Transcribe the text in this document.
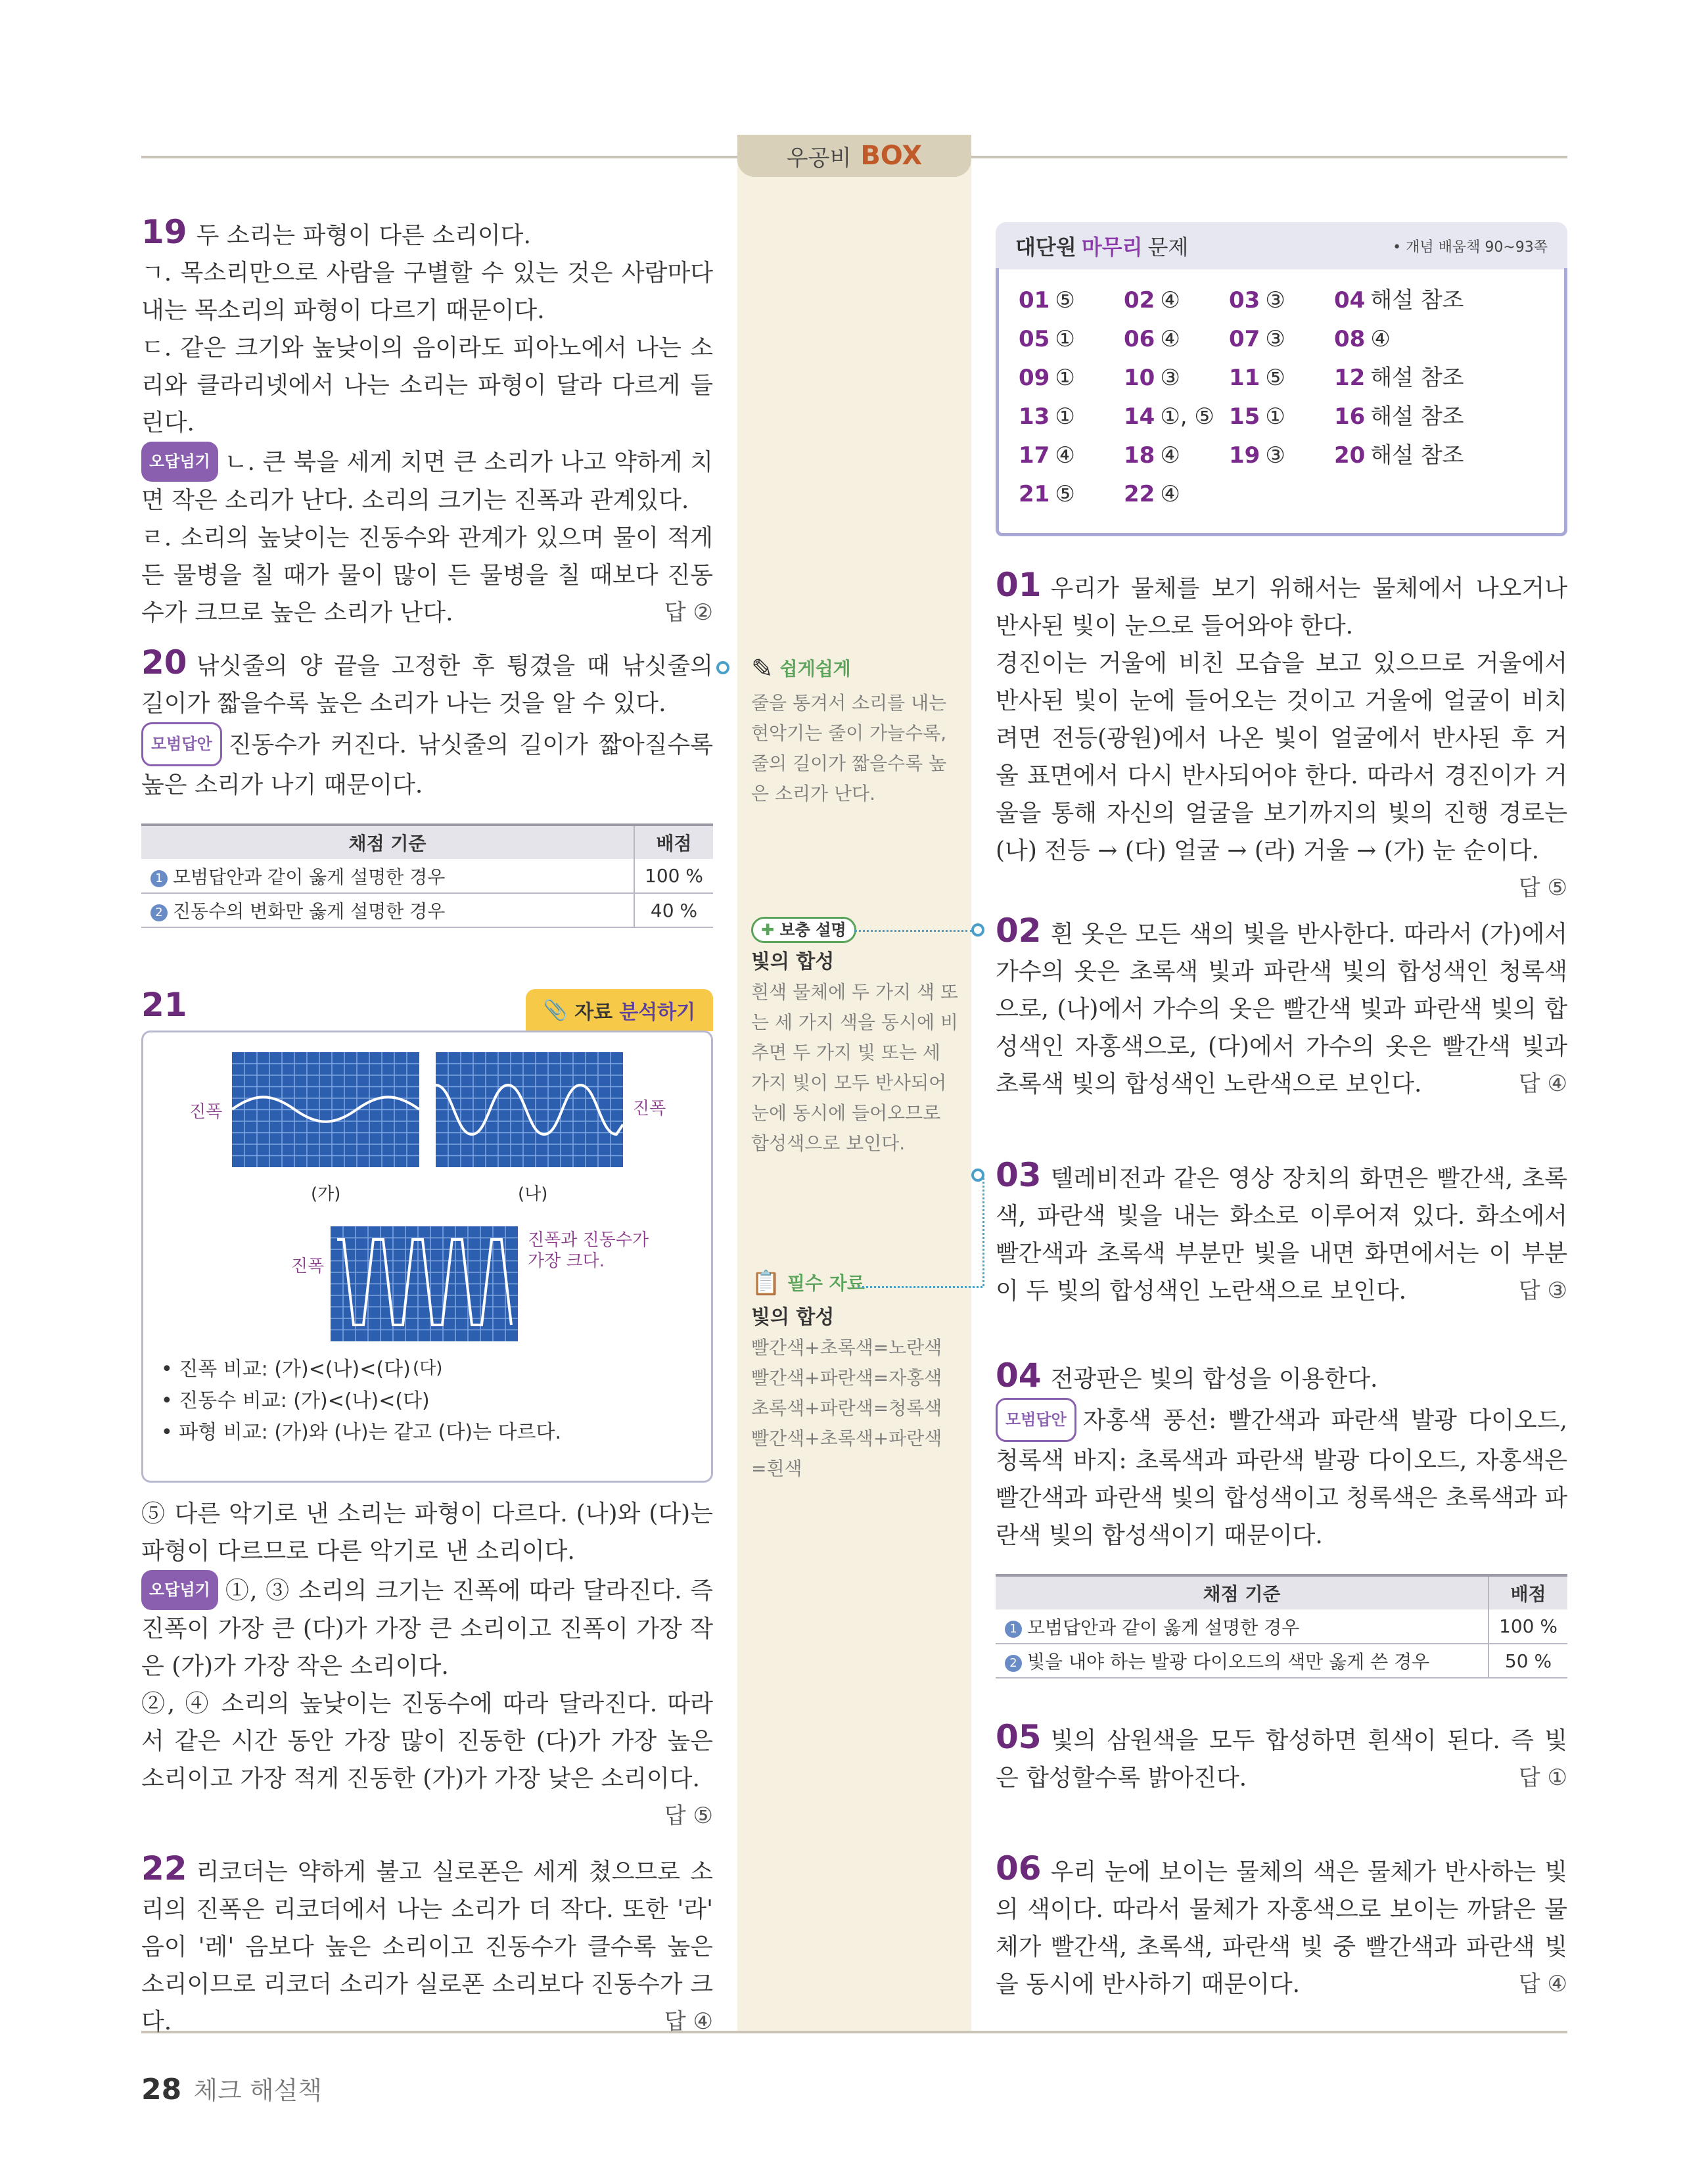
우공비 BOX
19 두 소리는 파형이 다른 소리이다.
ㄱ. 목소리만으로 사람을 구별할 수 있는 것은 사람마다 내는 목소리의 파형이 다르기 때문이다.
ㄷ. 같은 크기와 높낮이의 음이라도 피아노에서 나는 소리와 클라리넷에서 나는 소리는 파형이 달라 다르게 들린다.
오답넘기 ㄴ. 큰 북을 세게 치면 큰 소리가 나고 약하게 치면 작은 소리가 난다. 소리의 크기는 진폭과 관계있다.
ㄹ. 소리의 높낮이는 진동수와 관계가 있으며 물이 적게 든 물병을 칠 때가 물이 많이 든 물병을 칠 때보다 진동수가 크므로 높은 소리가 난다.	답 ②
20 낚싯줄의 양 끝을 고정한 후 튕겼을 때 낚싯줄의 길이가 짧을수록 높은 소리가 나는 것을 알 수 있다.
모범답안 진동수가 커진다. 낚싯줄의 길이가 짧아질수록 높은 소리가 나기 때문이다.
채점 기준	배점
1 모범답안과 같이 옳게 설명한 경우	100 %
2 진동수의 변화만 옳게 설명한 경우	40 %
21	📎 자료 분석하기
진폭	진폭
(가)	(나)
진폭
진폭과 진동수가 가장 크다.
(다)
• 진폭 비교: (가)<(나)<(다)
• 진동수 비교: (가)<(나)<(다)
• 파형 비교: (가)와 (나)는 같고 (다)는 다르다.
⑤ 다른 악기로 낸 소리는 파형이 다르다. (나)와 (다)는 파형이 다르므로 다른 악기로 낸 소리이다.
오답넘기 ①, ③ 소리의 크기는 진폭에 따라 달라진다. 즉 진폭이 가장 큰 (다)가 가장 큰 소리이고 진폭이 가장 작은 (가)가 가장 작은 소리이다.
②, ④ 소리의 높낮이는 진동수에 따라 달라진다. 따라서 같은 시간 동안 가장 많이 진동한 (다)가 가장 높은 소리이고 가장 적게 진동한 (가)가 가장 낮은 소리이다.
답 ⑤
22 리코더는 약하게 불고 실로폰은 세게 쳤으므로 소리의 진폭은 리코더에서 나는 소리가 더 작다. 또한 '라' 음이 '레' 음보다 높은 소리이고 진동수가 클수록 높은 소리이므로 리코더 소리가 실로폰 소리보다 진동수가 크다.	답 ④
✎ 쉽게쉽게
줄을 통겨서 소리를 내는 현악기는 줄이 가늘수록, 줄의 길이가 짧을수록 높은 소리가 난다.
✚ 보충 설명
빛의 합성
흰색 물체에 두 가지 색 또는 세 가지 색을 동시에 비추면 두 가지 빛 또는 세 가지 빛이 모두 반사되어 눈에 동시에 들어오므로 합성색으로 보인다.
📋 필수 자료
빛의 합성
빨간색+초록색=노란색
빨간색+파란색=자홍색
초록색+파란색=청록색
빨간색+초록색+파란색
=흰색
대단원 마무리 문제	• 개념 배움책 90~93쪽
01 ⑤	02 ④	03 ③	04 해설 참조
05 ①	06 ④	07 ③	08 ④
09 ①	10 ③	11 ⑤	12 해설 참조
13 ①	14 ①, ⑤ 15 ①	16 해설 참조
17 ④	18 ④	19 ③	20 해설 참조
21 ⑤	22 ④
01 우리가 물체를 보기 위해서는 물체에서 나오거나 반사된 빛이 눈으로 들어와야 한다.
경진이는 거울에 비친 모습을 보고 있으므로 거울에서 반사된 빛이 눈에 들어오는 것이고 거울에 얼굴이 비치려면 전등(광원)에서 나온 빛이 얼굴에서 반사된 후 거울 표면에서 다시 반사되어야 한다. 따라서 경진이가 거울을 통해 자신의 얼굴을 보기까지의 빛의 진행 경로는 (나) 전등 → (다) 얼굴 → (라) 거울 → (가) 눈 순이다.
답 ⑤
02 흰 옷은 모든 색의 빛을 반사한다. 따라서 (가)에서 가수의 옷은 초록색 빛과 파란색 빛의 합성색인 청록색으로, (나)에서 가수의 옷은 빨간색 빛과 파란색 빛의 합성색인 자홍색으로, (다)에서 가수의 옷은 빨간색 빛과 초록색 빛의 합성색인 노란색으로 보인다.	답 ④
03 텔레비전과 같은 영상 장치의 화면은 빨간색, 초록색, 파란색 빛을 내는 화소로 이루어져 있다. 화소에서 빨간색과 초록색 부분만 빛을 내면 화면에서는 이 부분이 두 빛의 합성색인 노란색으로 보인다.	답 ③
04 전광판은 빛의 합성을 이용한다.
모범답안 자홍색 풍선: 빨간색과 파란색 발광 다이오드, 청록색 바지: 초록색과 파란색 발광 다이오드, 자홍색은 빨간색과 파란색 빛의 합성색이고 청록색은 초록색과 파란색 빛의 합성색이기 때문이다.
채점 기준	배점
1 모범답안과 같이 옳게 설명한 경우	100 %
2 빛을 내야 하는 발광 다이오드의 색만 옳게 쓴 경우	50 %
05 빛의 삼원색을 모두 합성하면 흰색이 된다. 즉 빛은 합성할수록 밝아진다.	답 ①
06 우리 눈에 보이는 물체의 색은 물체가 반사하는 빛의 색이다. 따라서 물체가 자홍색으로 보이는 까닭은 물체가 빨간색, 초록색, 파란색 빛 중 빨간색과 파란색 빛을 동시에 반사하기 때문이다.	답 ④
28 체크 해설책
